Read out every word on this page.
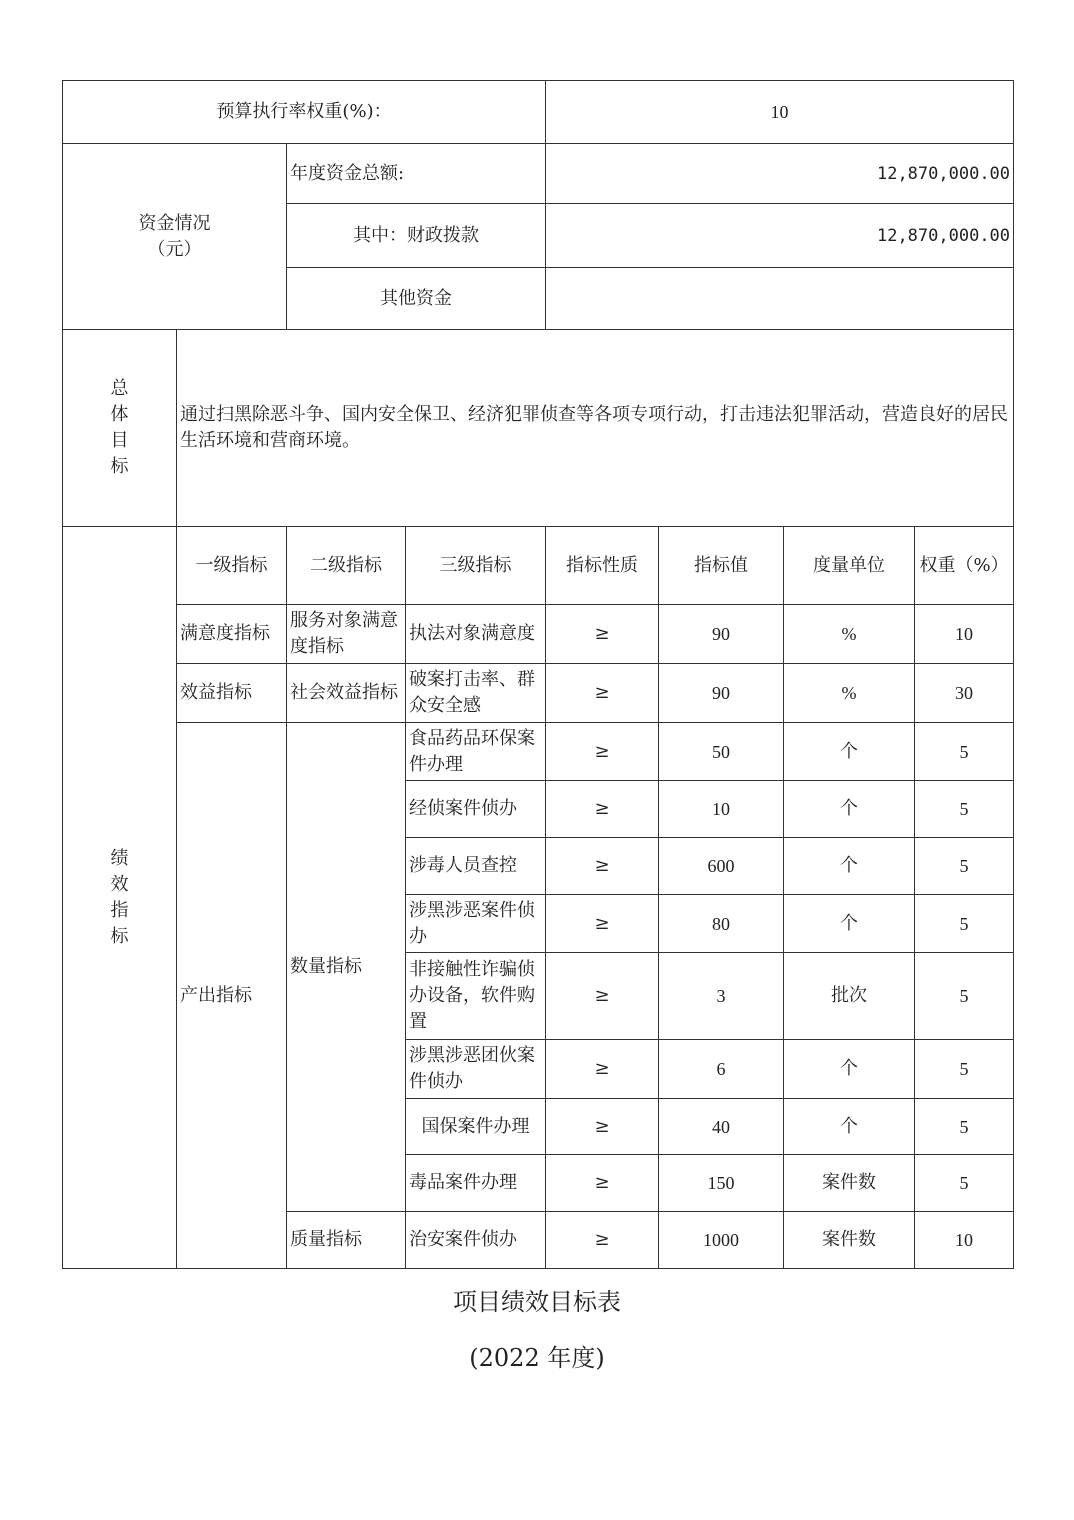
预算执行率权重(%)：				10			

资金情况
（元）		年度资金总额:		12,870,000.00			
		其中：财政拨款		12,870,000.00			
		其他资金					

总
体
目
标	通过扫黑除恶斗争、国内安全保卫、经济犯罪侦查等各项专项行动，打击违法犯罪活动，营造良好的居民生活环境和营商环境。						

绩
效
指
标	一级指标	二级指标	三级指标	指标性质	指标值	度量单位	权重（%）
	满意度指标	服务对象满意度指标	执法对象满意度	≥	90	%	10
	效益指标	社会效益指标	破案打击率、群众安全感	≥	90	%	30
	产出指标	数量指标	食品药品环保案件办理	≥	50	个	5
			经侦案件侦办	≥	10	个	5
			涉毒人员查控	≥	600	个	5
			涉黑涉恶案件侦办	≥	80	个	5
			非接触性诈骗侦办设备，软件购置	≥	3	批次	5
			涉黑涉恶团伙案件侦办	≥	6	个	5
			国保案件办理	≥	40	个	5
			毒品案件办理	≥	150	案件数	5
		质量指标	治安案件侦办	≥	1000	案件数	10
项目绩效目标表
(2022 年度)
